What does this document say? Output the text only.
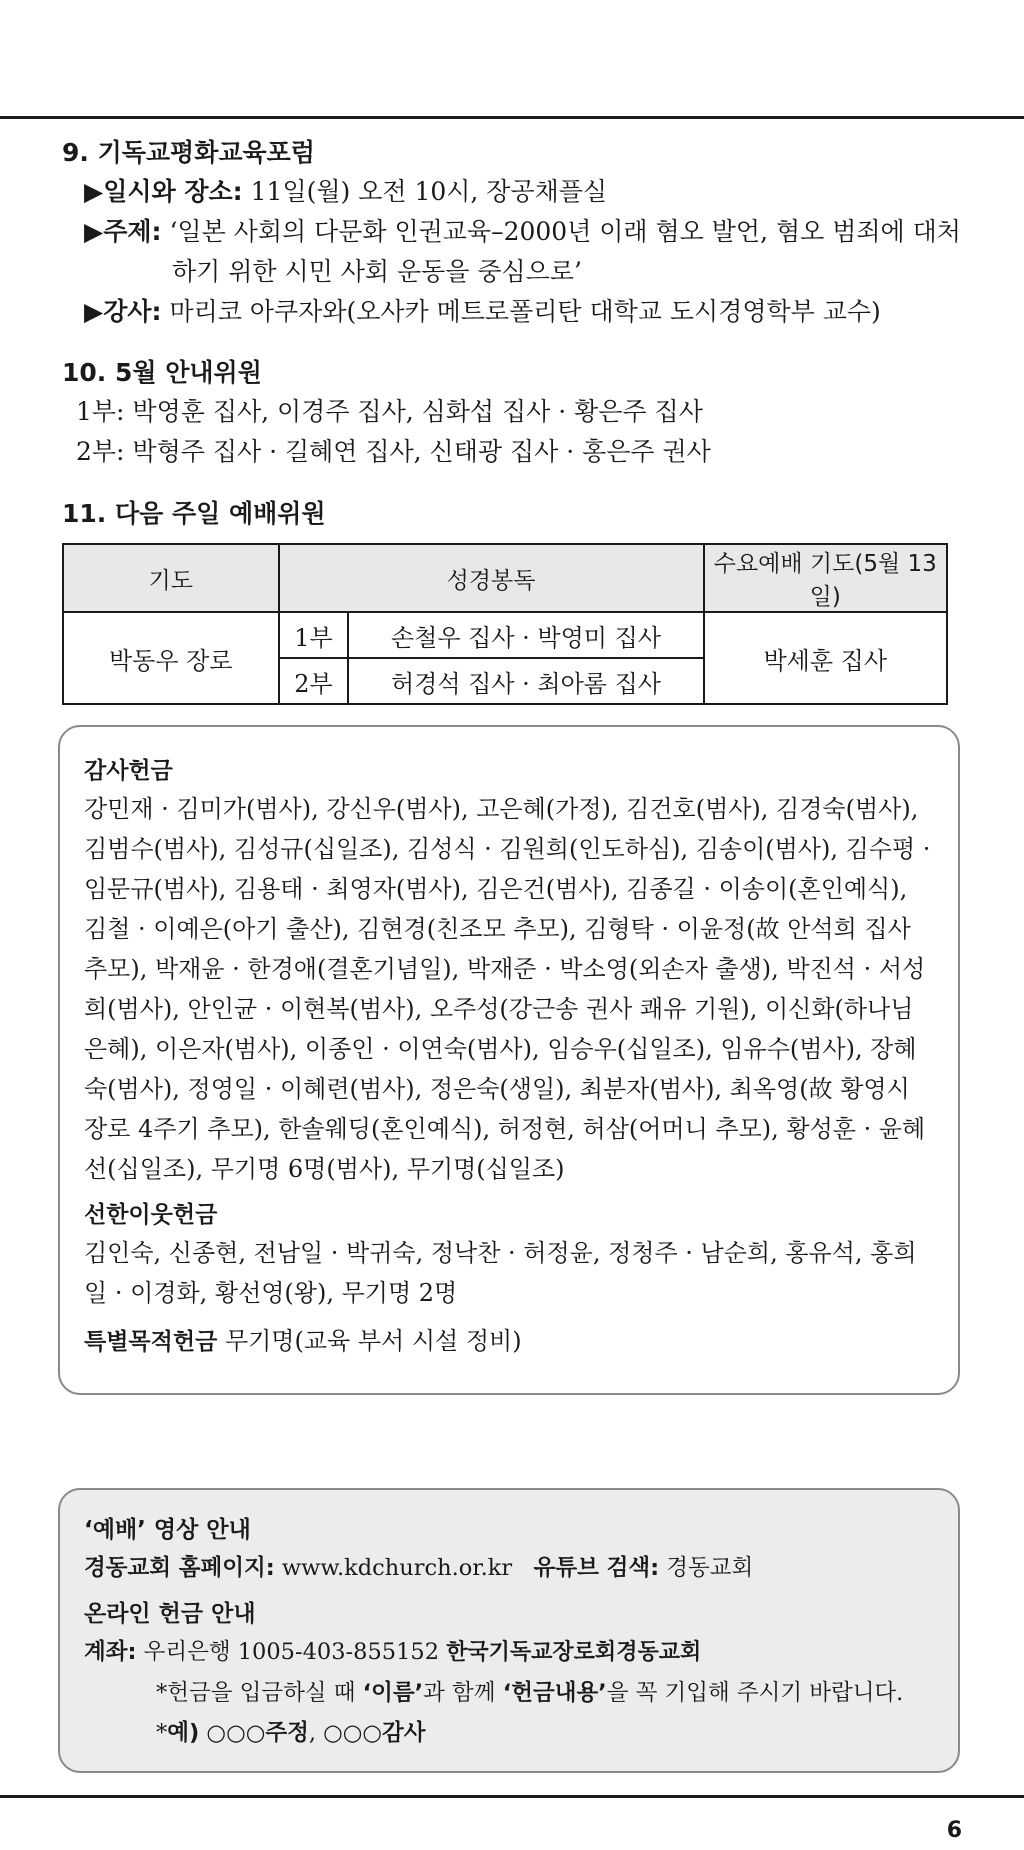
9. 기독교평화교육포럼
▶일시와 장소: 11일(월) 오전 10시, 장공채플실
▶주제: ‘일본 사회의 다문화 인권교육–2000년 이래 혐오 발언, 혐오 범죄에 대처
하기 위한 시민 사회 운동을 중심으로’
▶강사: 마리코 아쿠자와(오사카 메트로폴리탄 대학교 도시경영학부 교수)
10. 5월 안내위원
1부: 박영훈 집사, 이경주 집사, 심화섭 집사 · 황은주 집사
2부: 박형주 집사 · 길혜연 집사, 신태광 집사 · 홍은주 권사
11. 다음 주일 예배위원
기도	성경봉독		수요예배 기도(5월 13일)
박동우 장로	1부	손철우 집사 · 박영미 집사	박세훈 집사
	2부	허경석 집사 · 최아롬 집사	
감사헌금

강민재 · 김미가(범사), 강신우(범사), 고은혜(가정), 김건호(범사), 김경숙(범사), 김범수(범사), 김성규(십일조), 김성식 · 김원희(인도하심), 김송이(범사), 김수평 · 임문규(범사), 김용태 · 최영자(범사), 김은건(범사), 김종길 · 이송이(혼인예식), 김철 · 이예은(아기 출산), 김현경(친조모 추모), 김형탁 · 이윤정(故 안석희 집사 추모), 박재윤 · 한경애(결혼기념일), 박재준 · 박소영(외손자 출생), 박진석 · 서성희(범사), 안인균 · 이현복(범사), 오주성(강근송 권사 쾌유 기원), 이신화(하나님 은혜), 이은자(범사), 이종인 · 이연숙(범사), 임승우(십일조), 임유수(범사), 장혜숙(범사), 정영일 · 이혜련(범사), 정은숙(생일), 최분자(범사), 최옥영(故 황영시 장로 4주기 추모), 한솔웨딩(혼인예식), 허정현, 허삼(어머니 추모), 황성훈 · 윤혜선(십일조), 무기명 6명(범사), 무기명(십일조)

선한이웃헌금

김인숙, 신종현, 전남일 · 박귀숙, 정낙찬 · 허정윤, 정청주 · 남순희, 홍유석, 홍희일 · 이경화, 황선영(왕), 무기명 2명

특별목적헌금 무기명(교육 부서 시설 정비)

‘예배’ 영상 안내

경동교회 홈페이지: www.kdchurch.or.kr 유튜브 검색: 경동교회

온라인 헌금 안내

계좌: 우리은행 1005-403-855152 한국기독교장로회경동교회

*헌금을 입금하실 때 ‘이름’과 함께 ‘헌금내용’을 꼭 기입해 주시기 바랍니다.

*예) ○○○주정, ○○○감사

6
